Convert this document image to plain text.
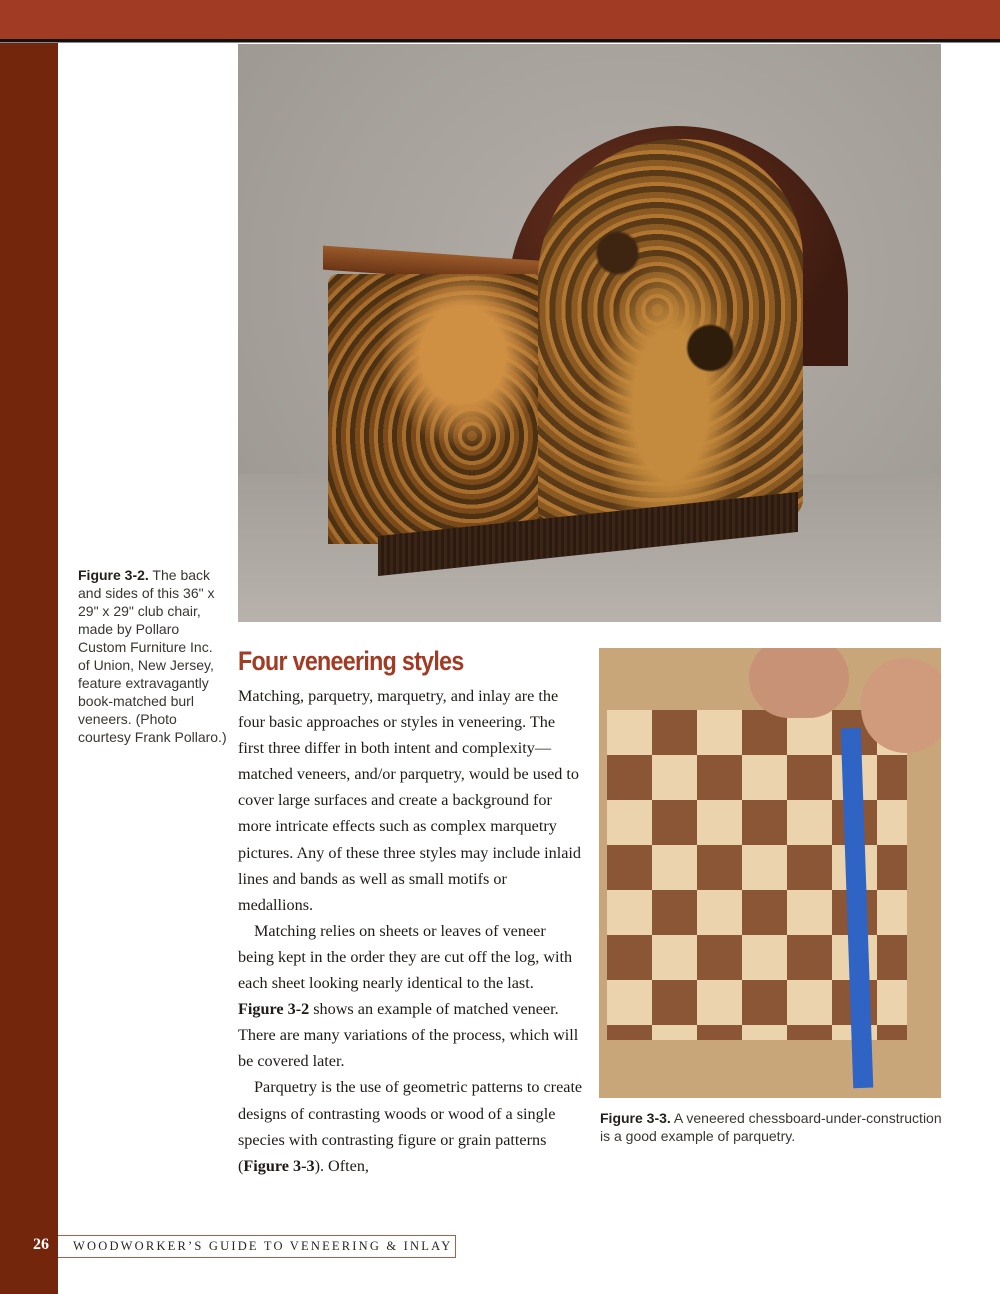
Figure 3-2. The back and sides of this 36" x 29" x 29" club chair, made by Pollaro Custom Furniture Inc. of Union, New Jersey, feature extravagantly book-matched burl veneers. (Photo courtesy Frank Pollaro.)
Four veneering styles

Matching, parquetry, marquetry, and inlay are the four basic approaches or styles in veneering. The first three differ in both intent and complexity—matched veneers, and/or parquetry, would be used to cover large surfaces and create a background for more intricate effects such as complex marquetry pictures. Any of these three styles may include inlaid lines and bands as well as small motifs or medallions.

Matching relies on sheets or leaves of veneer being kept in the order they are cut off the log, with each sheet looking nearly identical to the last. Figure 3-2 shows an example of matched veneer. There are many variations of the process, which will be covered later.

Parquetry is the use of geometric patterns to create designs of contrasting woods or wood of a single species with contrasting figure or grain patterns (Figure 3-3). Often,

Figure 3-3. A veneered chessboard-under-construction is a good example of parquetry.
26 WOODWORKER’S GUIDE TO VENEERING & INLAY
